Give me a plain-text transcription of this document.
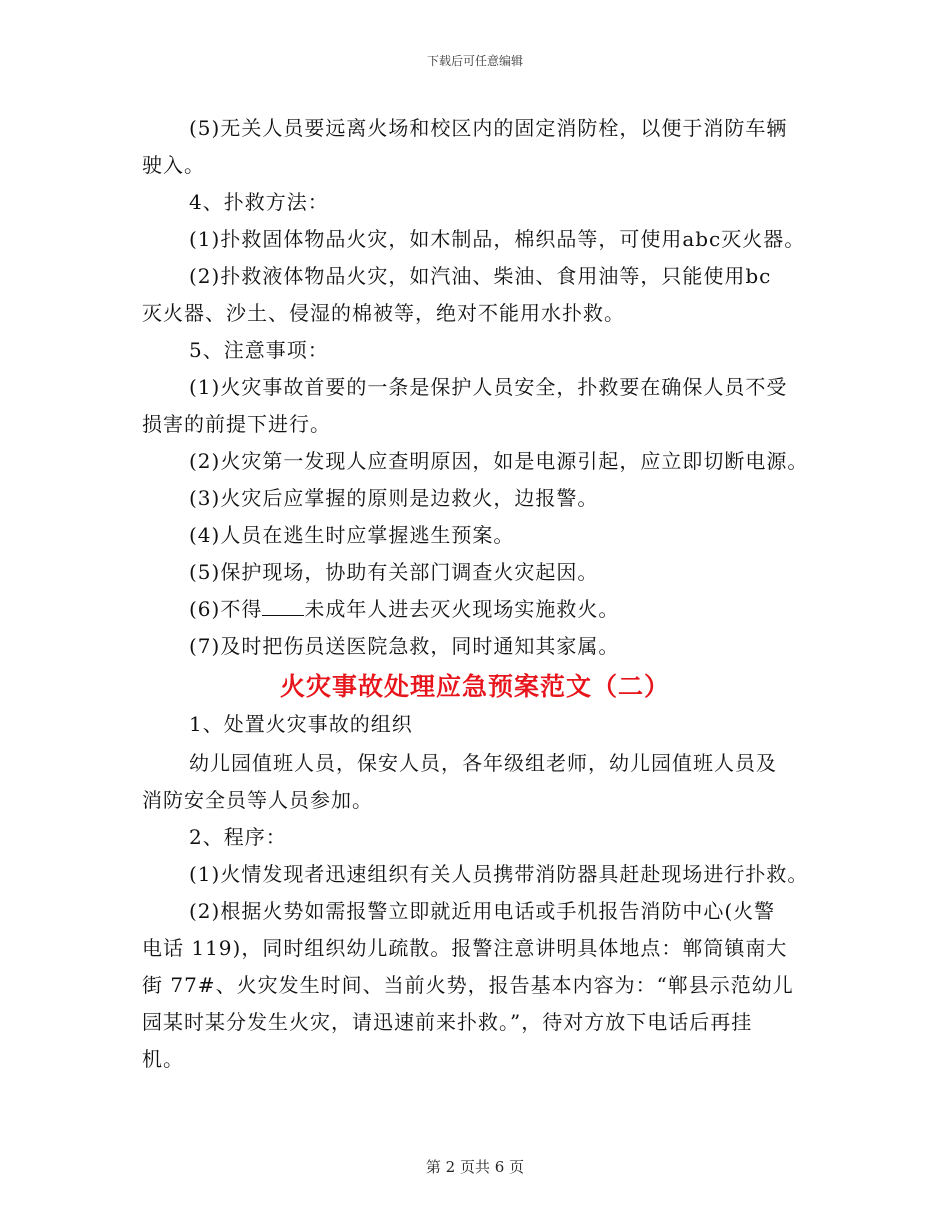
下载后可任意编辑
(5)无关人员要远离火场和校区内的固定消防栓，以便于消防车辆
驶入。
4、扑救方法：
(1)扑救固体物品火灾，如木制品，棉织品等，可使用abc灭火器。
(2)扑救液体物品火灾，如汽油、柴油、食用油等，只能使用bc
灭火器、沙土、侵湿的棉被等，绝对不能用水扑救。
5、注意事项：
(1)火灾事故首要的一条是保护人员安全，扑救要在确保人员不受
损害的前提下进行。
(2)火灾第一发现人应查明原因，如是电源引起，应立即切断电源。
(3)火灾后应掌握的原则是边救火，边报警。
(4)人员在逃生时应掌握逃生预案。
(5)保护现场，协助有关部门调查火灾起因。
(6)不得 未成年人进去灭火现场实施救火。
(7)及时把伤员送医院急救，同时通知其家属。
火灾事故处理应急预案范文（二）
1、处置火灾事故的组织
幼儿园值班人员，保安人员，各年级组老师，幼儿园值班人员及
消防安全员等人员参加。
2、程序：
(1)火情发现者迅速组织有关人员携带消防器具赶赴现场进行扑救。
(2)根据火势如需报警立即就近用电话或手机报告消防中心(火警
电话 119)，同时组织幼儿疏散。报警注意讲明具体地点：郸筒镇南大
街 77#、火灾发生时间、当前火势，报告基本内容为：“郸县示范幼儿
园某时某分发生火灾，请迅速前来扑救。”，待对方放下电话后再挂
机。
第 2 页共 6 页
